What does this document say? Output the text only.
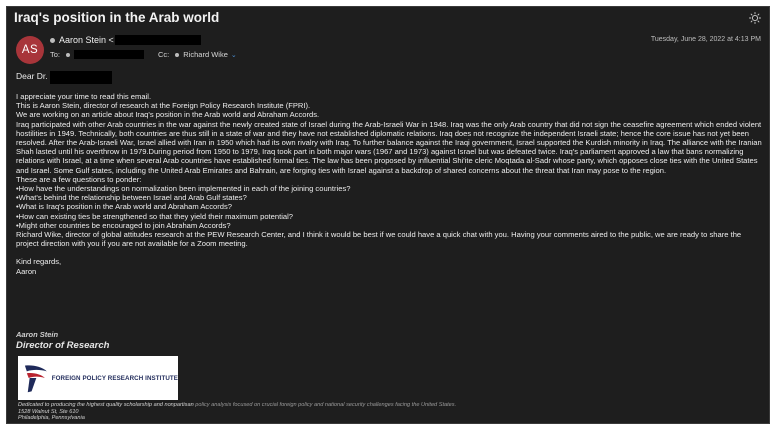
Iraq's position in the Arab world
AS
Aaron Stein <
To:	Cc: Richard Wike ⌄
Tuesday, June 28, 2022 at 4:13 PM

Dear Dr.

I appreciate your time to read this email.

This is Aaron Stein, director of research at the Foreign Policy Research Institute (FPRI).

We are working on an article about Iraq's position in the Arab world and Abraham Accords.

Iraq participated with other Arab countries in the war against the newly created state of Israel during the Arab-Israeli War in 1948. Iraq was the only Arab country that did not sign the ceasefire agreement which ended violent hostilities in 1949. Technically, both countries are thus still in a state of war and they have not established diplomatic relations. Iraq does not recognize the independent Israeli state; hence the core issue has not yet been resolved. After the Arab-Israeli War, Israel allied with Iran in 1950 which had its own rivalry with Iraq. To further balance against the Iraqi government, Israel supported the Kurdish minority in Iraq. The alliance with the Iranian Shah lasted until his overthrow in 1979.During period from 1950 to 1979, Iraq took part in both major wars (1967 and 1973) against Israel but was defeated twice. Iraq's parliament approved a law that bans normalizing relations with Israel, at a time when several Arab countries have established formal ties. The law has been proposed by influential Shi'ite cleric Moqtada al-Sadr whose party, which opposes close ties with the United States and Israel. Some Gulf states, including the United Arab Emirates and Bahrain, are forging ties with Israel against a backdrop of shared concerns about the threat that Iran may pose to the region.

These are a few questions to ponder:

•How have the understandings on normalization been implemented in each of the joining countries?

•What's behind the relationship between Israel and Arab Gulf states?

•What is Iraq's position in the Arab world and Abraham Accords?

•How can existing ties be strengthened so that they yield their maximum potential?

•Might other countries be encouraged to join Abraham Accords?

Richard Wike, director of global attitudes research at the PEW Research Center, and I think it would be best if we could have a quick chat with you. Having your comments aired to the public, we are ready to share the project direction with you if you are not available for a Zoom meeting.

Kind regards,

Aaron

Aaron Stein
Director of Research
FOREIGN POLICY RESEARCH INSTITUTE
Dedicated to producing the highest quality scholarship and nonpartisan policy analysis focused on crucial foreign policy and national security challenges facing the United States.
1528 Walnut St, Ste 610
Philadelphia, Pennsylvania
